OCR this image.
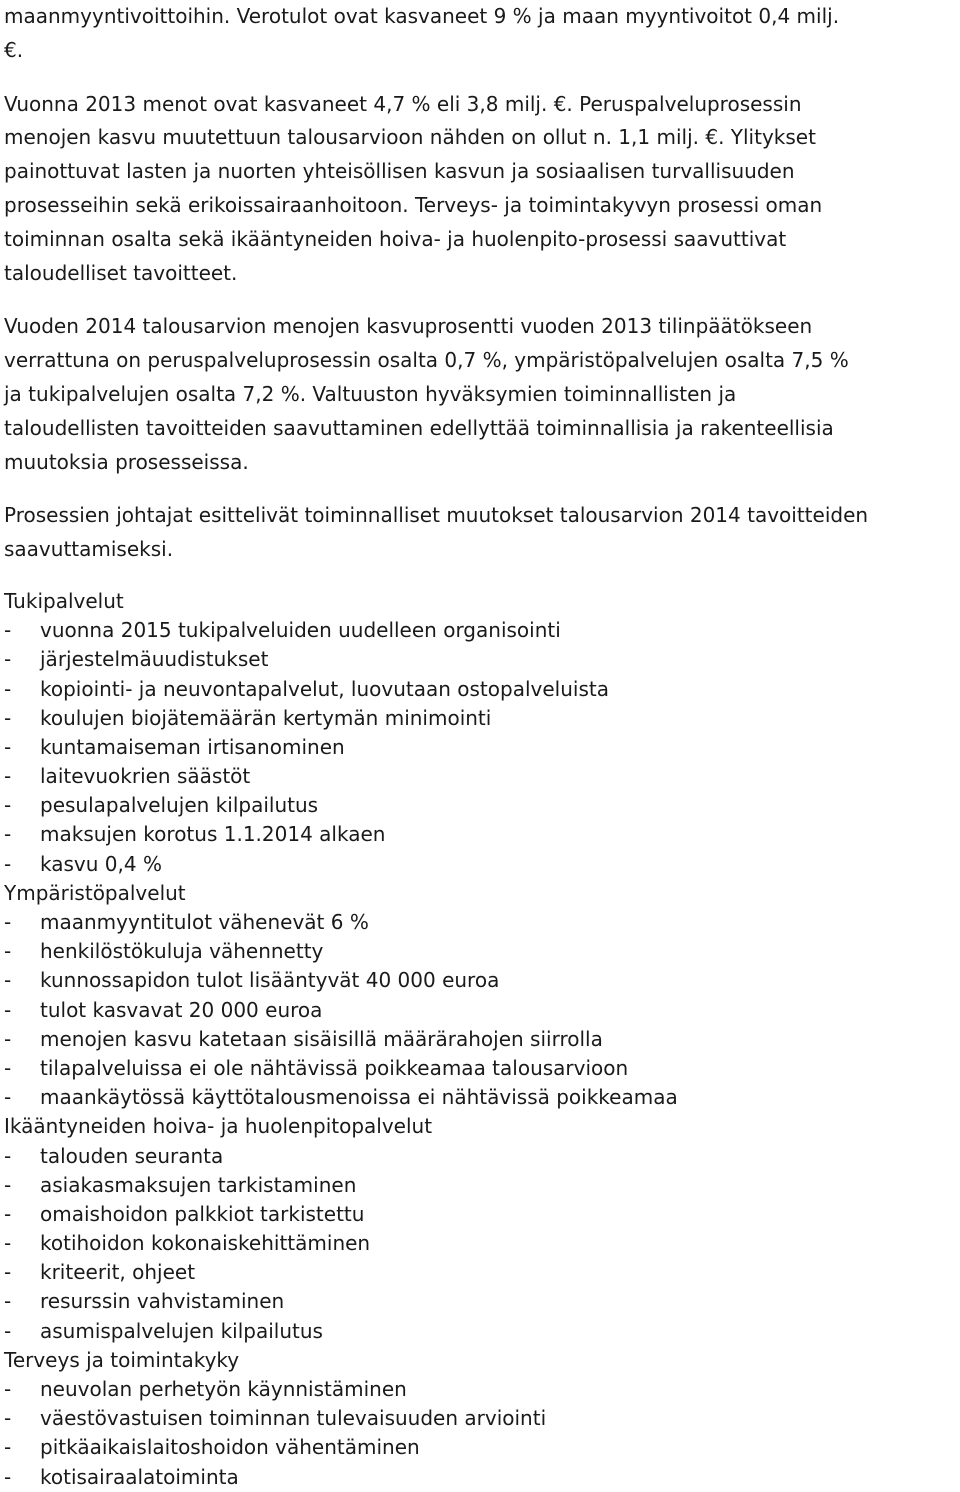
maanmyyntivoittoihin. Verotulot ovat kasvaneet 9 % ja maan myyntivoitot 0,4 milj.
€.

Vuonna 2013 menot ovat kasvaneet 4,7 % eli 3,8 milj. €. Peruspalveluprosessin
menojen kasvu muutettuun talousarvioon nähden on ollut n. 1,1 milj. €. Ylitykset
painottuvat lasten ja nuorten yhteisöllisen kasvun ja sosiaalisen turvallisuuden
prosesseihin sekä erikoissairaanhoitoon. Terveys- ja toimintakyvyn prosessi oman
toiminnan osalta sekä ikääntyneiden hoiva- ja huolenpito-prosessi saavuttivat
taloudelliset tavoitteet.

Vuoden 2014 talousarvion menojen kasvuprosentti vuoden 2013 tilinpäätökseen
verrattuna on peruspalveluprosessin osalta 0,7 %, ympäristöpalvelujen osalta 7,5 %
ja tukipalvelujen osalta 7,2 %. Valtuuston hyväksymien toiminnallisten ja
taloudellisten tavoitteiden saavuttaminen edellyttää toiminnallisia ja rakenteellisia
muutoksia prosesseissa.

Prosessien johtajat esittelivät toiminnalliset muutokset talousarvion 2014 tavoitteiden
saavuttamiseksi.

Tukipalvelut
-	vuonna 2015 tukipalveluiden uudelleen organisointi
-	järjestelmäuudistukset
-	kopiointi- ja neuvontapalvelut, luovutaan ostopalveluista
-	koulujen biojätemäärän kertymän minimointi
-	kuntamaiseman irtisanominen
-	laitevuokrien säästöt
-	pesulapalvelujen kilpailutus
-	maksujen korotus 1.1.2014 alkaen
-	kasvu 0,4 %
Ympäristöpalvelut
-	maanmyyntitulot vähenevät 6 %
-	henkilöstökuluja vähennetty
-	kunnossapidon tulot lisääntyvät 40 000 euroa
-	tulot kasvavat 20 000 euroa
-	menojen kasvu katetaan sisäisillä määrärahojen siirrolla
-	tilapalveluissa ei ole nähtävissä poikkeamaa talousarvioon
-	maankäytössä käyttötalousmenoissa ei nähtävissä poikkeamaa
Ikääntyneiden hoiva- ja huolenpitopalvelut
-	talouden seuranta
-	asiakasmaksujen tarkistaminen
-	omaishoidon palkkiot tarkistettu
-	kotihoidon kokonaiskehittäminen
-	kriteerit, ohjeet
-	resurssin vahvistaminen
-	asumispalvelujen kilpailutus
Terveys ja toimintakyky
-	neuvolan perhetyön käynnistäminen
-	väestövastuisen toiminnan tulevaisuuden arviointi
-	pitkäaikaislaitoshoidon vähentäminen
-	kotisairaalatoiminta
